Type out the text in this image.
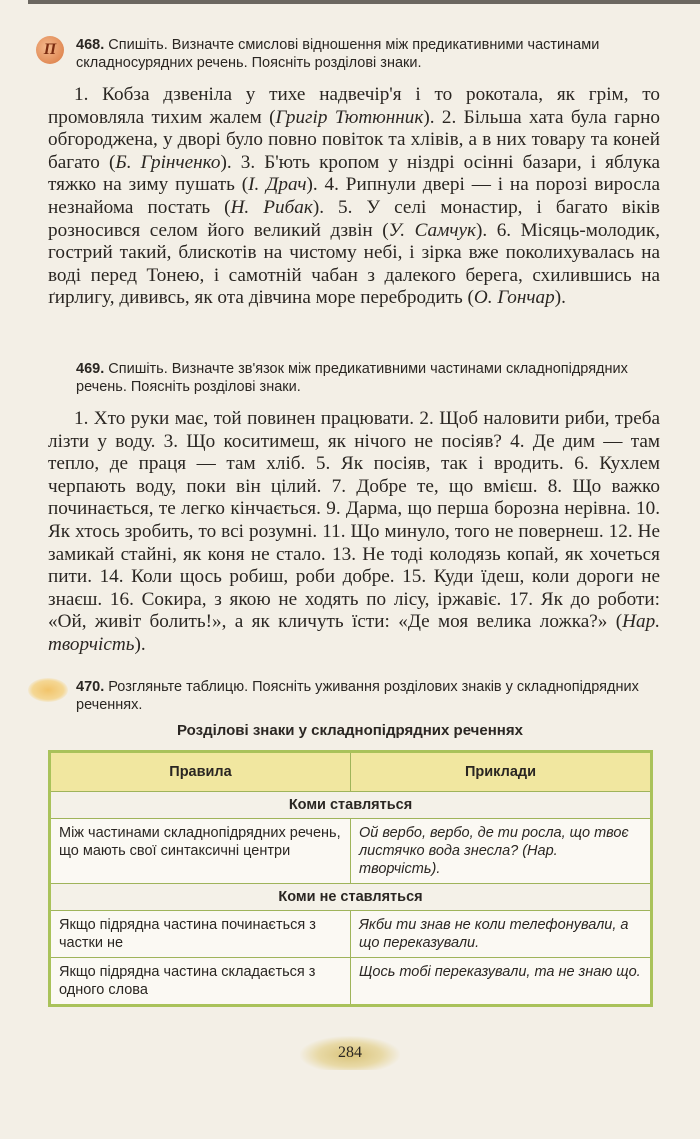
П	468. Спишіть. Визначте смислові відношення між предикативними частинами складносурядних речень. Поясніть розділові знаки.
1. Кобза дзвеніла у тихе надвечір'я і то рокотала, як грім, то промовляла тихим жалем (Григір Тютюнник). 2. Більша хата була гарно обгороджена, у дворі було повно повіток та хлівів, а в них товару та коней багато (Б. Грінченко). 3. Б'ють кропом у ніздрі осінні базари, і яблука тяжко на зиму пушать (І. Драч). 4. Рипнули двері — і на порозі виросла незнайома постать (Н. Рибак). 5. У селі монастир, і багато віків розносився селом його великий дзвін (У. Самчук). 6. Місяць-молодик, гострий такий, блискотів на чистому небі, і зірка вже поколихувалась на воді перед Тонею, і самотній чабан з далекого берега, схилившись на ґирлигу, дививсь, як ота дівчина море перебродить (О. Гончар).
469. Спишіть. Визначте зв'язок між предикативними частинами складнопідрядних речень. Поясніть розділові знаки.
1. Хто руки має, той повинен працювати. 2. Щоб наловити риби, треба лізти у воду. 3. Що коситимеш, як нічого не посіяв? 4. Де дим — там тепло, де праця — там хліб. 5. Як посіяв, так і вродить. 6. Кухлем черпають воду, поки він цілий. 7. Добре те, що вмієш. 8. Що важко починається, те легко кінчається. 9. Дарма, що перша борозна нерівна. 10. Як хтось зробить, то всі розумні. 11. Що минуло, того не повернеш. 12. Не замикай стайні, як коня не стало. 13. Не тоді колодязь копай, як хочеться пити. 14. Коли щось робиш, роби добре. 15. Куди їдеш, коли дороги не знаєш. 16. Сокира, з якою не ходять по лісу, іржавіє. 17. Як до роботи: «Ой, живіт болить!», а як кличуть їсти: «Де моя велика ложка?» (Нар. творчість).
470. Розгляньте таблицю. Поясніть уживання розділових знаків у складнопідрядних реченнях.
Розділові знаки у складнопідрядних реченнях
Правила	Приклади
Коми ставляться	
Між частинами складнопідрядних речень, що мають свої синтаксичні центри	Ой вербо, вербо, де ти росла, що твоє листячко вода знесла? (Нар. творчість).
Коми не ставляться	
Якщо підрядна частина починається з частки не	Якби ти знав не коли телефонували, а що переказували.
Якщо підрядна частина складається з одного слова	Щось тобі переказували, та не знаю що.
284
